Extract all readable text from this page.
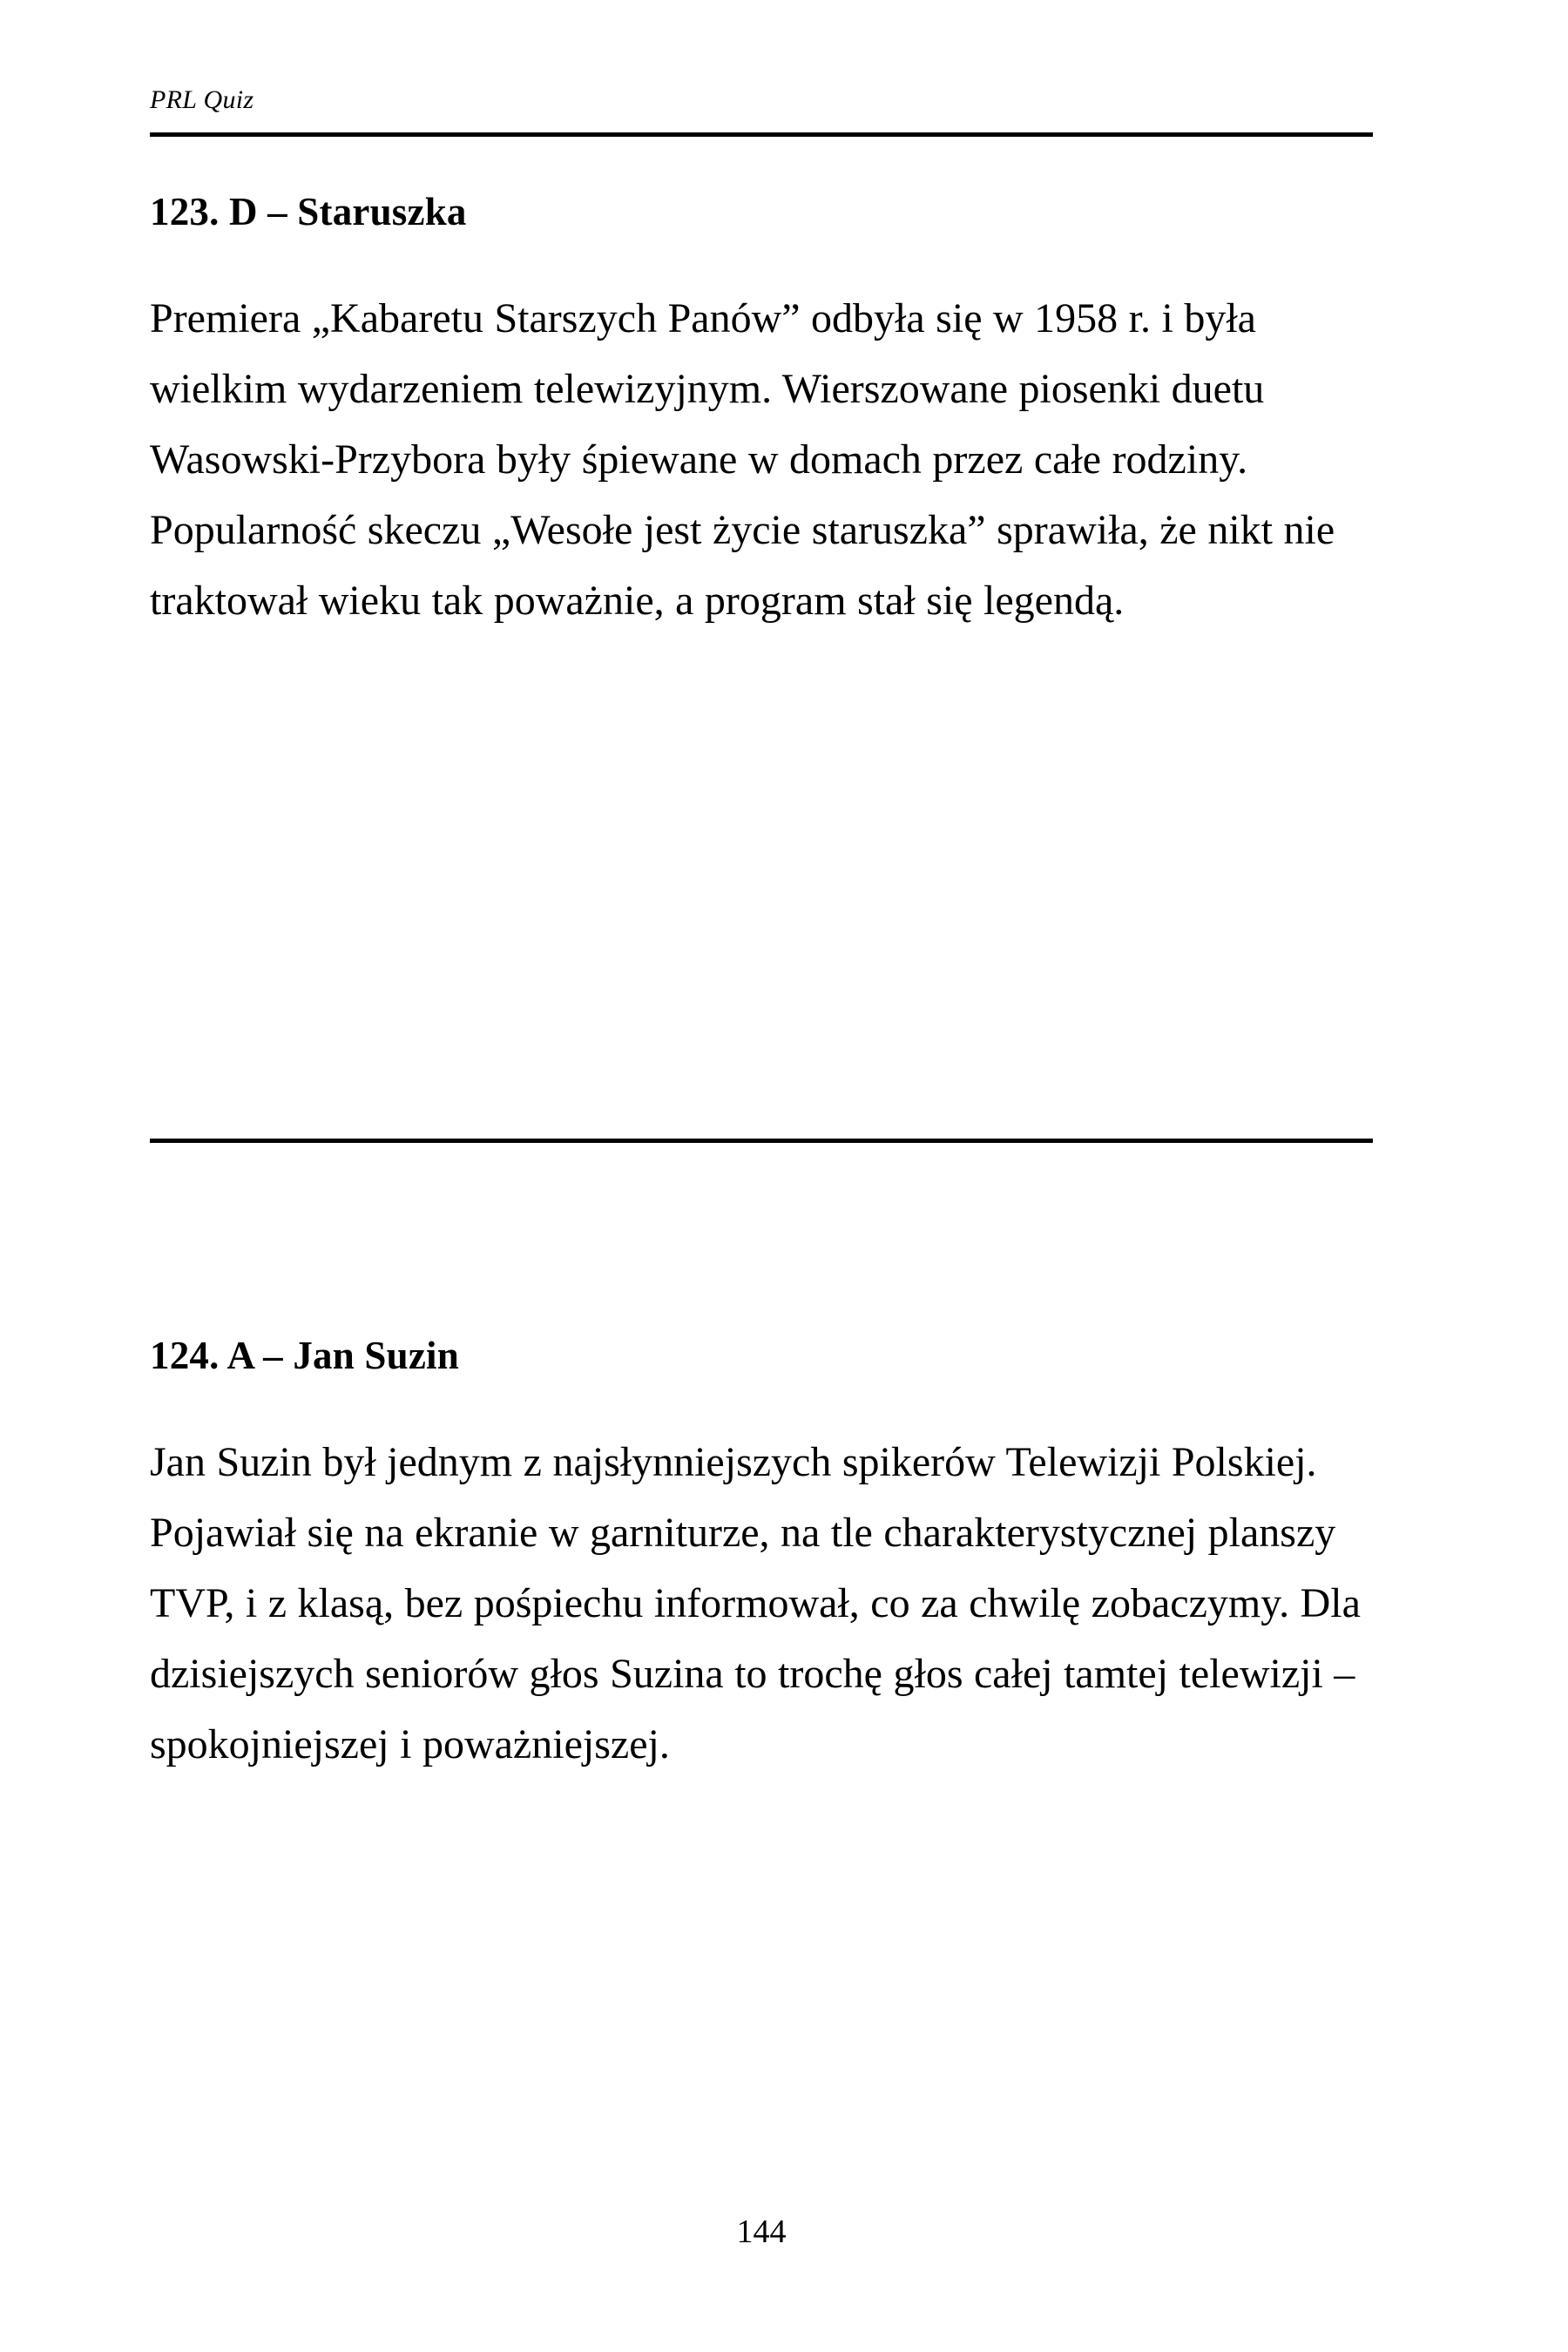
PRL Quiz
123. D – Staruszka

Premiera „Kabaretu Starszych Panów” odbyła się w 1958 r. i była wielkim wydarzeniem telewizyjnym. Wierszowane piosenki duetu Wasowski-Przybora były śpiewane w domach przez całe rodziny. Popularność skeczu „Wesołe jest życie staruszka” sprawiła, że nikt nie traktował wieku tak poważnie, a program stał się legendą.

124. A – Jan Suzin

Jan Suzin był jednym z najsłynniejszych spikerów Telewizji Polskiej. Pojawiał się na ekranie w garniturze, na tle charakterystycznej planszy TVP, i z klasą, bez pośpiechu informował, co za chwilę zobaczymy. Dla dzisiejszych seniorów głos Suzina to trochę głos całej tamtej telewizji – spokojniejszej i poważniejszej.

144
